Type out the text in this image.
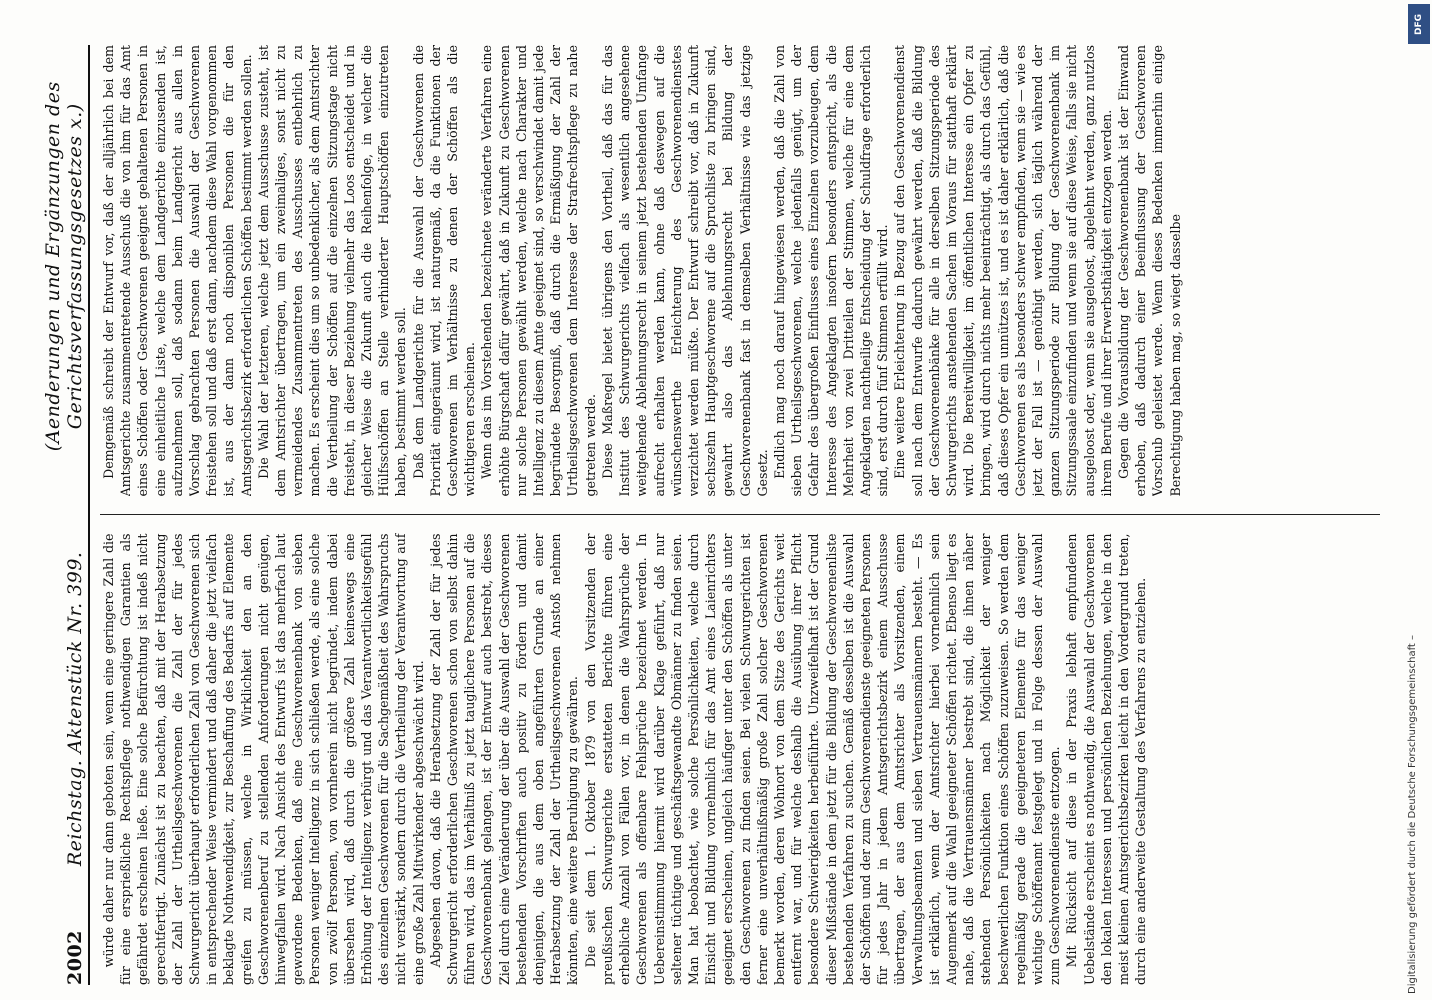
2002
Reichstag. Aktenstück Nr. 399.
(Aenderungen und Ergänzungen des Gerichtsverfassungsgesetzes x.)

würde daher nur dann geboten sein, wenn eine geringere Zahl die für eine ersprießliche Rechtspflege nothwendigen Garantien als gefährdet erscheinen ließe. Eine solche Befürchtung ist indeß nicht gerechtfertigt. Zunächst ist zu beachten, daß mit der Herabsetzung der Zahl der Urtheilsgeschworenen die Zahl der für jedes Schwurgericht überhaupt erforderlichen Zahl von Geschworenen sich in entsprechender Weise vermindert und daß daher die jetzt vielfach beklagte Nothwendigkeit, zur Beschaffung des Bedarfs auf Elemente greifen zu müssen, welche in Wirklichkeit den an den Geschworenenberuf zu stellenden Anforderungen nicht genügen, hinwegfallen wird. Nach Ansicht des Entwurfs ist das mehrfach laut gewordene Bedenken, daß eine Geschworenenbank von sieben Personen weniger Intelligenz in sich schließen werde, als eine solche von zwölf Personen, von vornherein nicht begründet, indem dabei übersehen wird, daß durch die größere Zahl keineswegs eine Erhöhung der Intelligenz verbürgt und das Verantwortlichkeitsgefühl des einzelnen Geschworenen für die Sachgemäßheit des Wahrspruchs nicht verstärkt, sondern durch die Vertheilung der Verantwortung auf eine große Zahl Mitwirkender abgeschwächt wird. Abgesehen davon, daß die Herabsetzung der Zahl der für jedes Schwurgericht erforderlichen Geschworenen schon von selbst dahin führen wird, das im Verhältniß zu jetzt tauglichere Personen auf die Geschworenenbank gelangen, ist der Entwurf auch bestrebt, dieses Ziel durch eine Veränderung der über die Auswahl der Geschworenen bestehenden Vorschriften auch positiv zu fördern und damit denjenigen, die aus dem oben angeführten Grunde an einer Herabsetzung der Zahl der Urtheilsgeschworenen Anstoß nehmen könnten, eine weitere Beruhigung zu gewähren. Die seit dem 1. Oktober 1879 von den Vorsitzenden der preußischen Schwurgerichte erstatteten Berichte führen eine erhebliche Anzahl von Fällen vor, in denen die Wahrsprüche der Geschworenen als offenbare Fehlsprüche bezeichnet werden. In Uebereinstimmung hiermit wird darüber Klage geführt, daß nur seltener tüchtige und geschäftsgewandte Obmänner zu finden seien. Man hat beobachtet, wie solche Persönlichkeiten, welche durch Einsicht und Bildung vornehmlich für das Amt eines Laienrichters geeignet erscheinen, ungleich häufiger unter den Schöffen als unter den Geschworenen zu finden seien. Bei vielen Schwurgerichten ist ferner eine unverhältnißmäßig große Zahl solcher Geschworenen bemerkt worden, deren Wohnort von dem Sitze des Gerichts weit entfernt war, und für welche deshalb die Ausübung ihrer Pflicht besondere Schwierigkeiten herbeiführte. Unzweifelhaft ist der Grund dieser Mißstände in dem jetzt für die Bildung der Geschworenenliste bestehenden Verfahren zu suchen. Gemäß desselben ist die Auswahl der Schöffen und der zum Geschworenendienste geeigneten Personen für jedes Jahr in jedem Amtsgerichtsbezirk einem Ausschusse übertragen, der aus dem Amtsrichter als Vorsitzenden, einem Verwaltungsbeamten und sieben Vertrauensmännern besteht. — Es ist erklärlich, wenn der Amtsrichter hierbei vornehmlich sein Augenmerk auf die Wahl geeigneter Schöffen richtet. Ebenso liegt es nahe, daß die Vertrauensmänner bestrebt sind, die ihnen näher stehenden Persönlichkeiten nach Möglichkeit der weniger beschwerlichen Funktion eines Schöffen zuzuweisen. So werden dem regelmäßig gerade die geeigneteren Elemente für das weniger wichtige Schöffenamt festgelegt und in Folge dessen der Auswahl zum Geschworenendienste entzogen. Mit Rücksicht auf diese in der Praxis lebhaft empfundenen Uebelstände erscheint es nothwendig, die Auswahl der Geschworenen den lokalen Interessen und persönlichen Beziehungen, welche in den meist kleinen Amtsgerichtsbezirken leicht in den Vordergrund treten, durch eine anderweite Gestaltung des Verfahrens zu entziehen.

Demgemäß schreibt der Entwurf vor, daß der alljährlich bei dem Amtsgerichte zusammentretende Ausschuß die von ihm für das Amt eines Schöffen oder Geschworenen geeignet gehaltenen Personen in eine einheitliche Liste, welche dem Landgerichte einzusenden ist, aufzunehmen soll, daß sodann beim Landgericht aus allen in Vorschlag gebrachten Personen die Auswahl der Geschworenen freistehen soll und daß erst dann, nachdem diese Wahl vorgenommen ist, aus der dann noch disponiblen Personen die für den Amtsgerichtsbezirk erforderlichen Schöffen bestimmt werden sollen. Die Wahl der letzteren, welche jetzt dem Ausschusse zusteht, ist dem Amtsrichter übertragen, um ein zweimaliges, sonst nicht zu vermeidendes Zusammentreten des Ausschusses entbehrlich zu machen. Es erscheint dies um so unbedenklicher, als dem Amtsrichter die Vertheilung der Schöffen auf die einzelnen Sitzungstage nicht freisteht, in dieser Beziehung vielmehr das Loos entscheidet und in gleicher Weise die Zukunft auch die Reihenfolge, in welcher die Hülfsschöffen an Stelle verhinderter Hauptschöffen einzutreten haben, bestimmt werden soll. Daß dem Landgerichte für die Auswahl der Geschworenen die Priorität eingeräumt wird, ist naturgemäß, da die Funktionen der Geschworenen im Verhältnisse zu denen der Schöffen als die wichtigeren erscheinen. Wenn das im Vorstehenden bezeichnete veränderte Verfahren eine erhöhte Bürgschaft dafür gewährt, daß in Zukunft zu Geschworenen nur solche Personen gewählt werden, welche nach Charakter und Intelligenz zu diesem Amte geeignet sind, so verschwindet damit jede begründete Besorgniß, daß durch die Ermäßigung der Zahl der Urtheilsgeschworenen dem Interesse der Strafrechtspflege zu nahe getreten werde. Diese Maßregel bietet übrigens den Vortheil, daß das für das Institut des Schwurgerichts vielfach als wesentlich angesehene weitgehende Ablehnungsrecht in seinem jetzt bestehenden Umfange aufrecht erhalten werden kann, ohne daß deswegen auf die wünschenswerthe Erleichterung des Geschworenendienstes verzichtet werden müßte. Der Entwurf schreibt vor, daß in Zukunft sechszehn Hauptgeschworene auf die Spruchliste zu bringen sind, gewahrt also das Ablehnungsrecht bei Bildung der Geschworenenbank fast in demselben Verhältnisse wie das jetzige Gesetz. Endlich mag noch darauf hingewiesen werden, daß die Zahl von sieben Urtheilsgeschworenen, welche jedenfalls genügt, um der Gefahr des übergroßen Einflusses eines Einzelnen vorzubeugen, dem Interesse des Angeklagten insofern besonders entspricht, als die Mehrheit von zwei Dritteilen der Stimmen, welche für eine dem Angeklagten nachtheilige Entscheidung der Schuldfrage erforderlich sind, erst durch fünf Stimmen erfüllt wird. Eine weitere Erleichterung in Bezug auf den Geschworenendienst soll nach dem Entwurfe dadurch gewährt werden, daß die Bildung der Geschworenenbänke für alle in derselben Sitzungsperiode des Schwurgerichts anstehenden Sachen im Voraus für statthaft erklärt wird. Die Bereitwilligkeit, im öffentlichen Interesse ein Opfer zu bringen, wird durch nichts mehr beeinträchtigt, als durch das Gefühl, daß dieses Opfer ein unnützes ist, und es ist daher erklärlich, daß die Geschworenen es als besonders schwer empfinden, wenn sie — wie es jetzt der Fall ist — genöthigt werden, sich täglich während der ganzen Sitzungsperiode zur Bildung der Geschworenenbank im Sitzungssaale einzufinden und wenn sie auf diese Weise, falls sie nicht ausgeloost oder, wenn sie ausgeloost, abgelehnt werden, ganz nutzlos ihrem Berufe und ihrer Erwerbsthätigkeit entzogen werden. Gegen die Vorausbildung der Geschworenenbank ist der Einwand erhoben, daß dadurch einer Beeinflussung der Geschworenen Vorschub geleistet werde. Wenn dieses Bedenken immerhin einige Berechtigung haben mag, so wiegt dasselbe

Digitalisierung gefördert durch die Deutsche Forschungsgemeinschaft –
DFG
